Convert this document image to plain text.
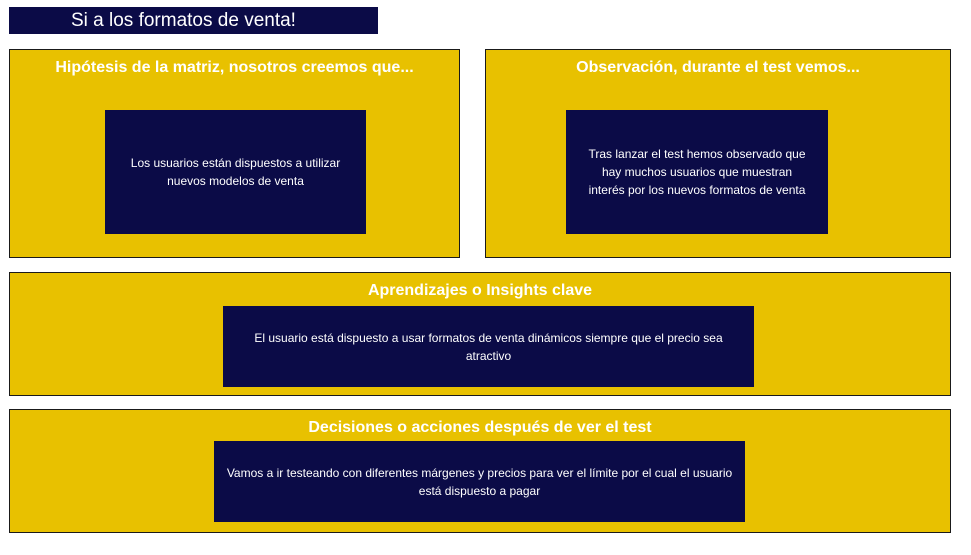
Si a los formatos de venta!
Hipótesis de la matriz, nosotros creemos que...
Los usuarios están dispuestos a utilizar nuevos modelos de venta
Observación, durante el test vemos...
Tras lanzar el test hemos observado que hay muchos usuarios que muestran interés por los nuevos formatos de venta
Aprendizajes o Insights clave
El usuario está dispuesto a usar formatos de venta dinámicos siempre que el precio sea atractivo
Decisiones o acciones después de ver el test
Vamos a ir testeando con diferentes márgenes y precios para ver el límite por el cual el usuario está dispuesto a pagar
